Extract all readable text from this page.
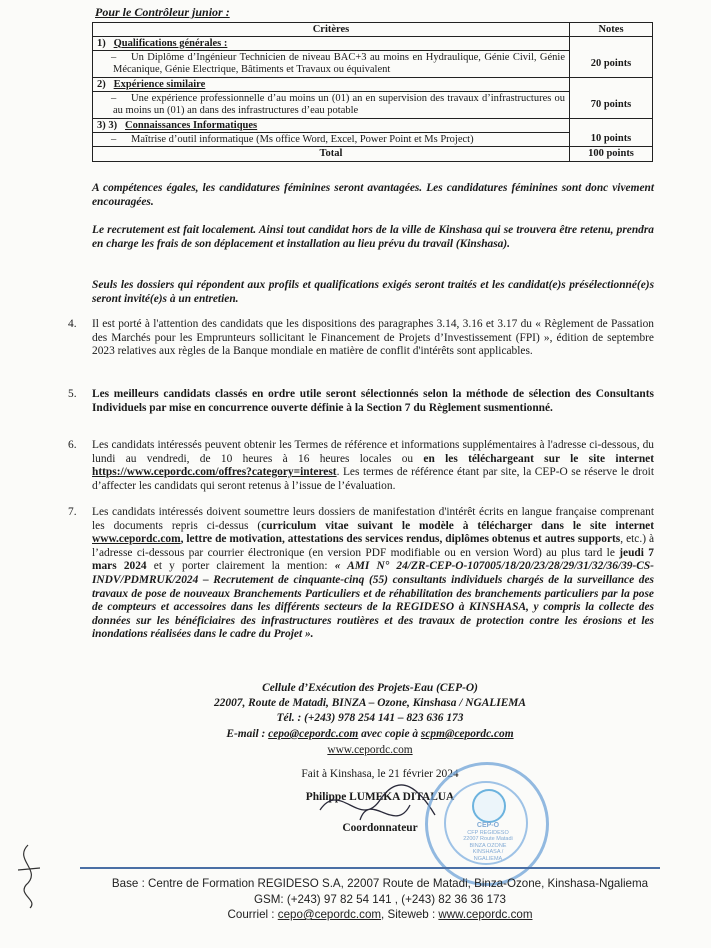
Pour le Contrôleur junior :
Critères	Notes
1) Qualifications générales :	
– Un Diplôme d’Ingénieur Technicien de niveau BAC+3 au moins en Hydraulique, Génie Civil, Génie Mécanique, Génie Electrique, Bâtiments et Travaux ou équivalent	20 points
2) Expérience similaire	
– Une expérience professionnelle d’au moins un (01) an en supervision des travaux d’infrastructures ou au moins un (01) an dans des infrastructures d’eau potable	70 points
3) 3) Connaissances Informatiques	
– Maîtrise d’outil informatique (Ms office Word, Excel, Power Point et Ms Project)	10 points
Total	100 points
A compétences égales, les candidatures féminines seront avantagées. Les candidatures féminines sont donc vivement encouragées.
Le recrutement est fait localement. Ainsi tout candidat hors de la ville de Kinshasa qui se trouvera être retenu, prendra en charge les frais de son déplacement et installation au lieu prévu du travail (Kinshasa).
Seuls les dossiers qui répondent aux profils et qualifications exigés seront traités et les candidat(e)s présélectionné(e)s seront invité(e)s à un entretien.
4. Il est porté à l'attention des candidats que les dispositions des paragraphes 3.14, 3.16 et 3.17 du « Règlement de Passation des Marchés pour les Emprunteurs sollicitant le Financement de Projets d’Investissement (FPI) », édition de septembre 2023 relatives aux règles de la Banque mondiale en matière de conflit d'intérêts sont applicables.
5. Les meilleurs candidats classés en ordre utile seront sélectionnés selon la méthode de sélection des Consultants Individuels par mise en concurrence ouverte définie à la Section 7 du Règlement susmentionné.
6. Les candidats intéressés peuvent obtenir les Termes de référence et informations supplémentaires à l'adresse ci-dessous, du lundi au vendredi, de 10 heures à 16 heures locales ou en les téléchargeant sur le site internet https://www.cepordc.com/offres?category=interest. Les termes de référence étant par site, la CEP-O se réserve le droit d’affecter les candidats qui seront retenus à l’issue de l’évaluation.
7. Les candidats intéressés doivent soumettre leurs dossiers de manifestation d'intérêt écrits en langue française comprenant les documents repris ci-dessus (curriculum vitae suivant le modèle à télécharger dans le site internet www.cepordc.com, lettre de motivation, attestations des services rendus, diplômes obtenus et autres supports, etc.) à l’adresse ci-dessous par courrier électronique (en version PDF modifiable ou en version Word) au plus tard le jeudi 7 mars 2024 et y porter clairement la mention: « AMI N° 24/ZR-CEP-O-107005/18/20/23/28/29/31/32/36/39-CS-INDV/PDMRUK/2024 – Recrutement de cinquante-cinq (55) consultants individuels chargés de la surveillance des travaux de pose de nouveaux Branchements Particuliers et de réhabilitation des branchements particuliers par la pose de compteurs et accessoires dans les différents secteurs de la REGIDESO à KINSHASA, y compris la collecte des données sur les bénéficiaires des infrastructures routières et des travaux de protection contre les érosions et les inondations réalisées dans le cadre du Projet ».
Cellule d’Exécution des Projets-Eau (CEP-O)
22007, Route de Matadi, BINZA – Ozone, Kinshasa / NGALIEMA
Tél. : (+243) 978 254 141 – 823 636 173
E-mail : cepo@cepordc.com avec copie à scpm@cepordc.com
www.cepordc.com
Fait à Kinshasa, le 21 février 2024
Philippe LUMEKA DITALUA
Coordonnateur	CEP-O
CFP REGIDESO
22007 Route Matadi
BINZA OZONE
KINSHASA / NGALIEMA
Base : Centre de Formation REGIDESO S.A, 22007 Route de Matadi, Binza-Ozone, Kinshasa-Ngaliema
GSM: (+243) 97 82 54 141 , (+243) 82 36 36 173
Courriel : cepo@cepordc.com, Siteweb : www.cepordc.com
